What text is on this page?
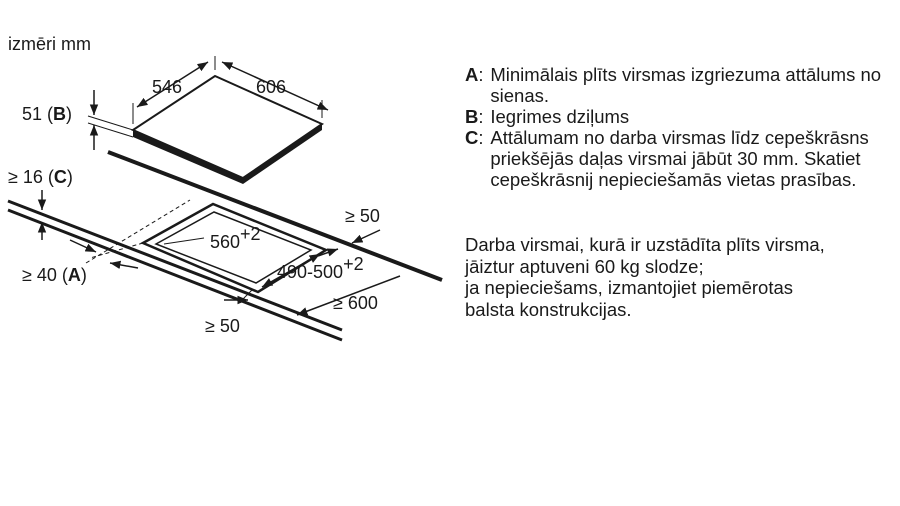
izmēri mm
546	606
51 (B)
560+2
490-500+2
≥ 50
≥ 600
≥ 50
≥ 16 (C)
≥ 40 (A)
A : Minimālais plīts virsmas izgriezuma attālums no sienas.
B : Iegrimes dziļums
C : Attālumam no darba virsmas līdz cepeškrāsns priekšējās daļas virsmai jābūt 30 mm. Skatiet cepeškrāsnij nepieciešamās vietas prasības.
Darba virsmai, kurā ir uzstādīta plīts virsma,
jāiztur aptuveni 60 kg slodze;
ja nepieciešams, izmantojiet piemērotas
balsta konstrukcijas.
